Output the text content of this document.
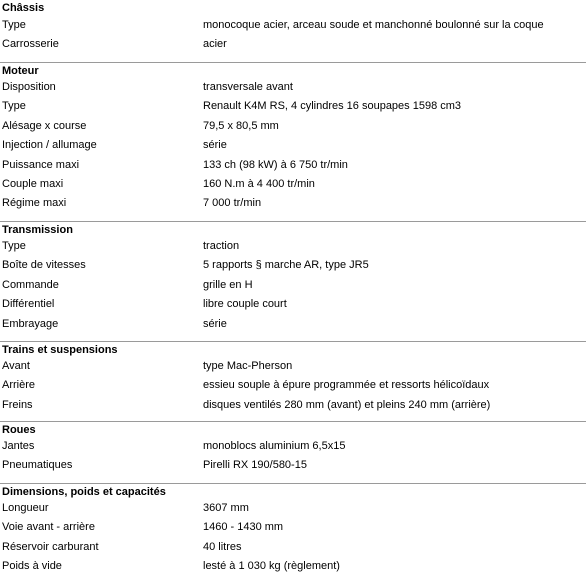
Châssis
Type	monocoque acier, arceau soude et manchonné boulonné sur la coque
Carrosserie	acier
Moteur
Disposition	transversale avant
Type	Renault K4M RS, 4 cylindres 16 soupapes 1598 cm3
Alésage x course	79,5 x 80,5 mm
Injection / allumage	série
Puissance maxi	133 ch (98 kW) à 6 750 tr/min
Couple maxi	160 N.m à 4 400 tr/min
Régime maxi	7 000 tr/min
Transmission
Type	traction
Boîte de vitesses	5 rapports § marche AR, type JR5
Commande	grille en H
Différentiel	libre couple court
Embrayage	série
Trains et suspensions
Avant	type Mac-Pherson
Arrière	essieu souple à épure programmée et ressorts hélicoïdaux
Freins	disques ventilés 280 mm (avant) et pleins 240 mm (arrière)
Roues
Jantes	monoblocs aluminium 6,5x15
Pneumatiques	Pirelli RX 190/580-15
Dimensions, poids et capacités
Longueur	3607 mm
Voie avant - arrière	1460 - 1430 mm
Réservoir carburant	40 litres
Poids à vide	lesté à 1 030 kg (règlement)
